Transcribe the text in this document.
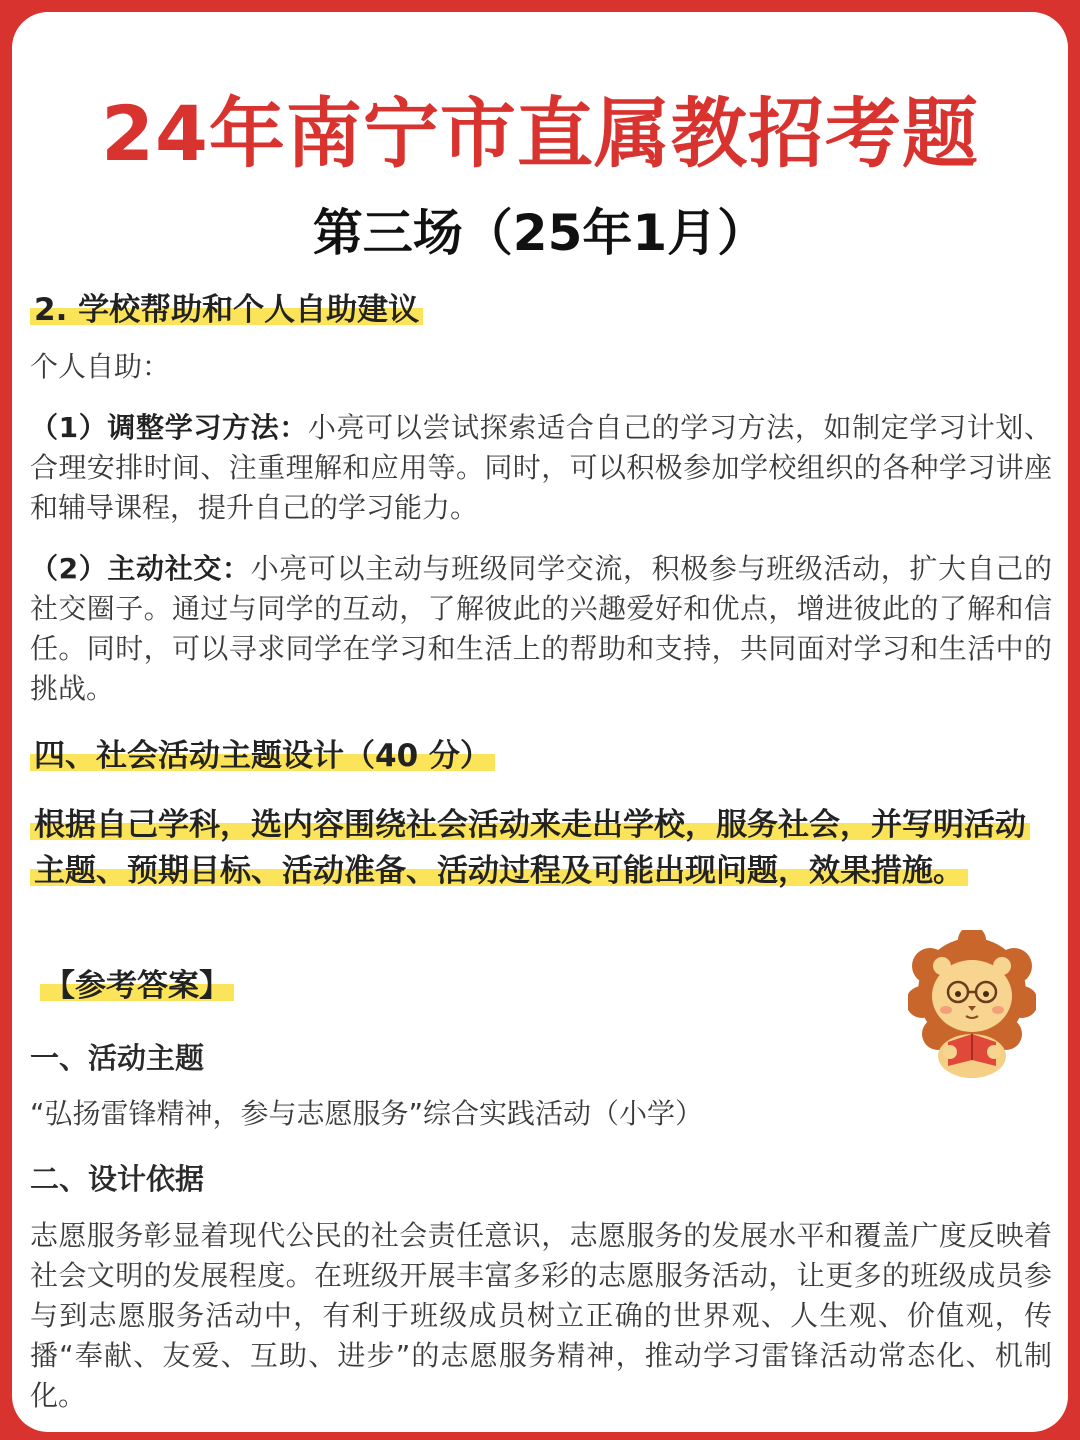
24年南宁市直属教招考题
第三场（25年1月）
2. 学校帮助和个人自助建议
个人自助：
（1）调整学习方法：小亮可以尝试探索适合自己的学习方法，如制定学习计划、合理安排时间、注重理解和应用等。同时，可以积极参加学校组织的各种学习讲座和辅导课程，提升自己的学习能力。
（2）主动社交：小亮可以主动与班级同学交流，积极参与班级活动，扩大自己的社交圈子。通过与同学的互动，了解彼此的兴趣爱好和优点，增进彼此的了解和信任。同时，可以寻求同学在学习和生活上的帮助和支持，共同面对学习和生活中的挑战。
四、社会活动主题设计（40 分）
根据自己学科，选内容围绕社会活动来走出学校，服务社会，并写明活动主题、预期目标、活动准备、活动过程及可能出现问题，效果措施。
【参考答案】
一、活动主题
“弘扬雷锋精神，参与志愿服务”综合实践活动（小学）
二、设计依据
志愿服务彰显着现代公民的社会责任意识，志愿服务的发展水平和覆盖广度反映着社会文明的发展程度。在班级开展丰富多彩的志愿服务活动，让更多的班级成员参与到志愿服务活动中，有利于班级成员树立正确的世界观、人生观、价值观，传播“奉献、友爱、互助、进步”的志愿服务精神，推动学习雷锋活动常态化、机制化。
